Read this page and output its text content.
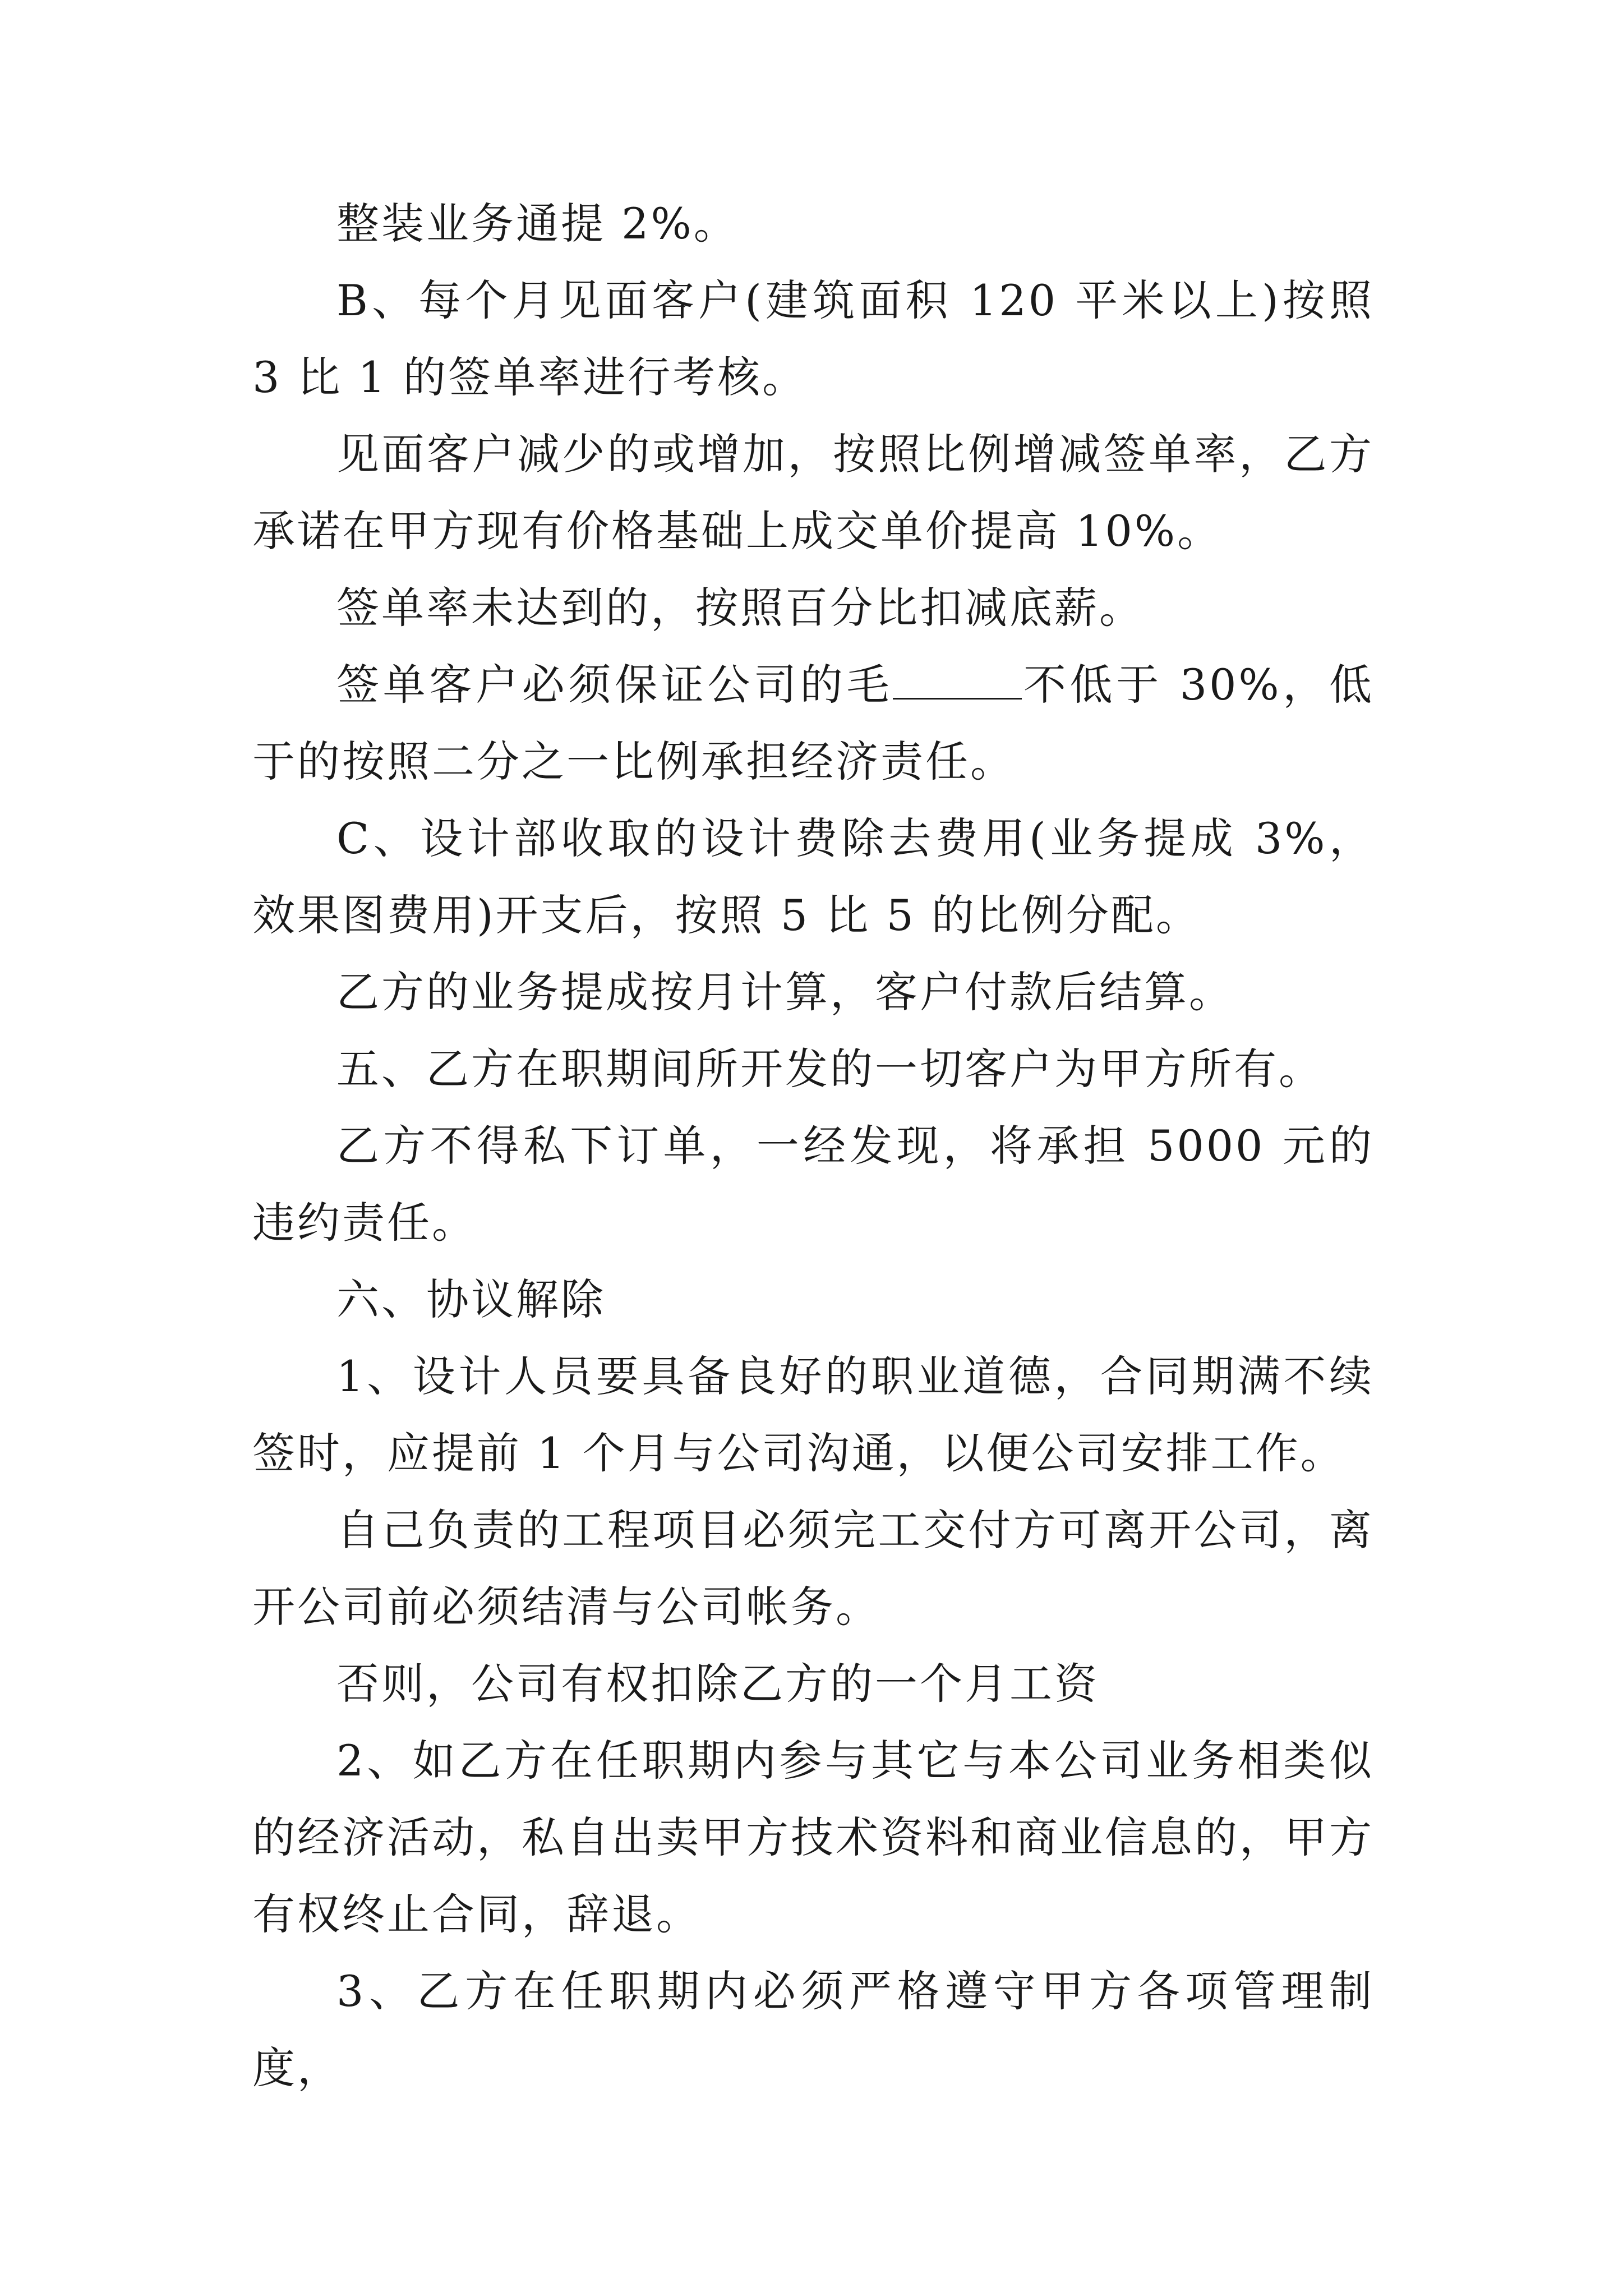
整装业务通提 2%。

B、每个月见面客户(建筑面积 120 平米以上)按照 3 比 1 的签单率进行考核。

见面客户减少的或增加，按照比例增减签单率，乙方承诺在甲方现有价格基础上成交单价提高 10%。

签单率未达到的，按照百分比扣减底薪。

签单客户必须保证公司的毛	不低于 30%，低于的按照二分之一比例承担经济责任。

C、设计部收取的设计费除去费用(业务提成 3%，效果图费用)开支后，按照 5 比 5 的比例分配。

乙方的业务提成按月计算，客户付款后结算。

五、乙方在职期间所开发的一切客户为甲方所有。

乙方不得私下订单，一经发现，将承担 5000 元的违约责任。

六、协议解除

1、设计人员要具备良好的职业道德，合同期满不续签时，应提前 1 个月与公司沟通，以便公司安排工作。

自己负责的工程项目必须完工交付方可离开公司，离开公司前必须结清与公司帐务。

否则，公司有权扣除乙方的一个月工资

2、如乙方在任职期内参与其它与本公司业务相类似的经济活动，私自出卖甲方技术资料和商业信息的，甲方有权终止合同，辞退。

3、乙方在任职期内必须严格遵守甲方各项管理制度，
